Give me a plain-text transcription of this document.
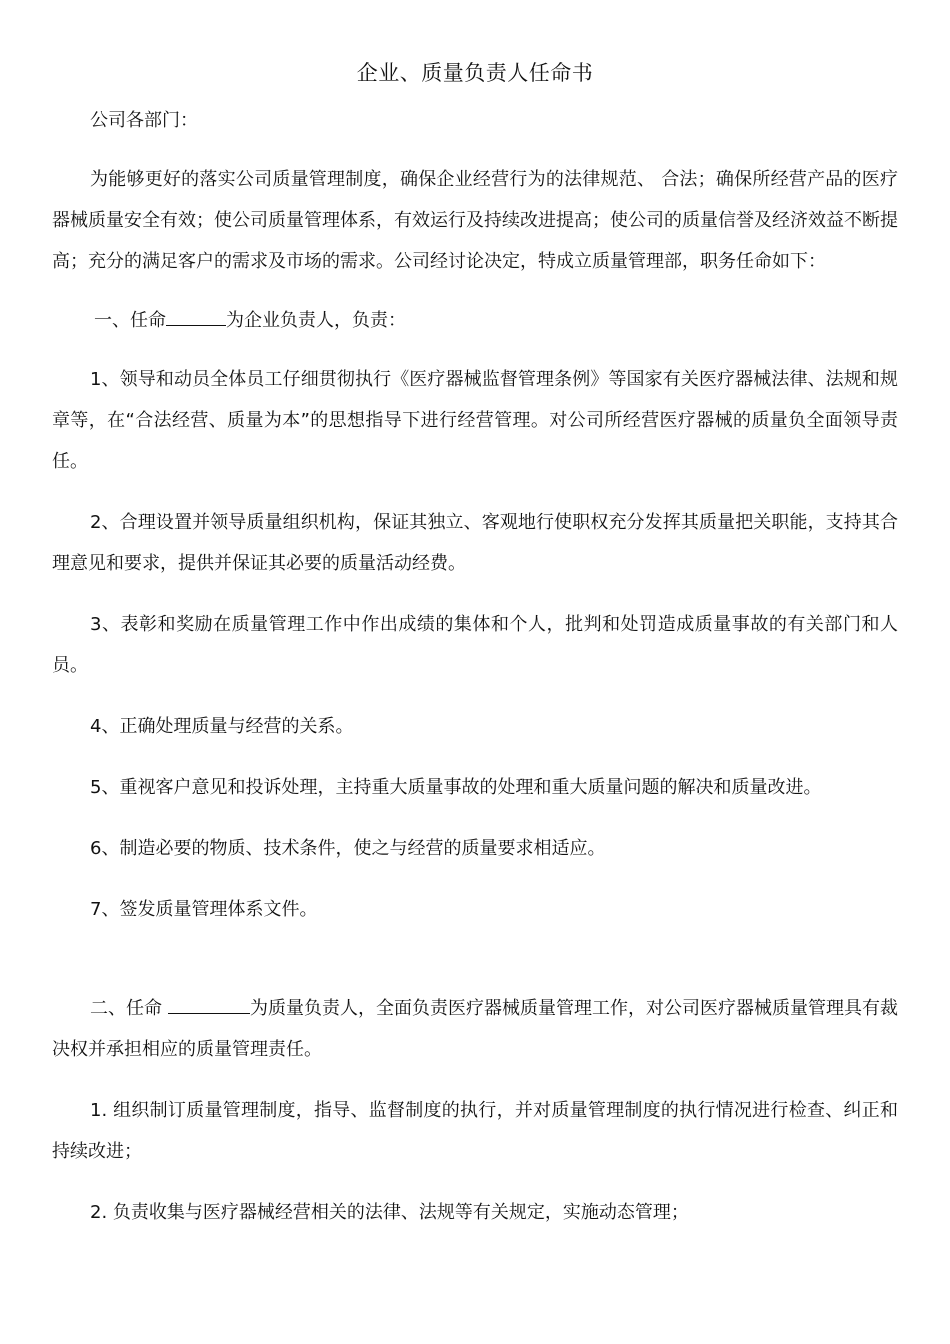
企业、质量负责人任命书

公司各部门：

为能够更好的落实公司质量管理制度，确保企业经营行为的法律规范、 合法；确保所经营产品的医疗器械质量安全有效；使公司质量管理体系，有效运行及持续改进提高；使公司的质量信誉及经济效益不断提高；充分的满足客户的需求及市场的需求。公司经讨论决定，特成立质量管理部，职务任命如下：

一、任命	为企业负责人，负责：

1、领导和动员全体员工仔细贯彻执行《医疗器械监督管理条例》等国家有关医疗器械法律、法规和规章等，在“合法经营、质量为本”的思想指导下进行经营管理。对公司所经营医疗器械的质量负全面领导责任。

2、合理设置并领导质量组织机构，保证其独立、客观地行使职权充分发挥其质量把关职能，支持其合理意见和要求，提供并保证其必要的质量活动经费。

3、表彰和奖励在质量管理工作中作出成绩的集体和个人，批判和处罚造成质量事故的有关部门和人员。

4、正确处理质量与经营的关系。

5、重视客户意见和投诉处理，主持重大质量事故的处理和重大质量问题的解决和质量改进。

6、制造必要的物质、技术条件，使之与经营的质量要求相适应。

7、签发质量管理体系文件。

二、任命	为质量负责人，全面负责医疗器械质量管理工作，对公司医疗器械质量管理具有裁决权并承担相应的质量管理责任。

1. 组织制订质量管理制度，指导、监督制度的执行，并对质量管理制度的执行情况进行检查、纠正和持续改进；

2. 负责收集与医疗器械经营相关的法律、法规等有关规定，实施动态管理；
